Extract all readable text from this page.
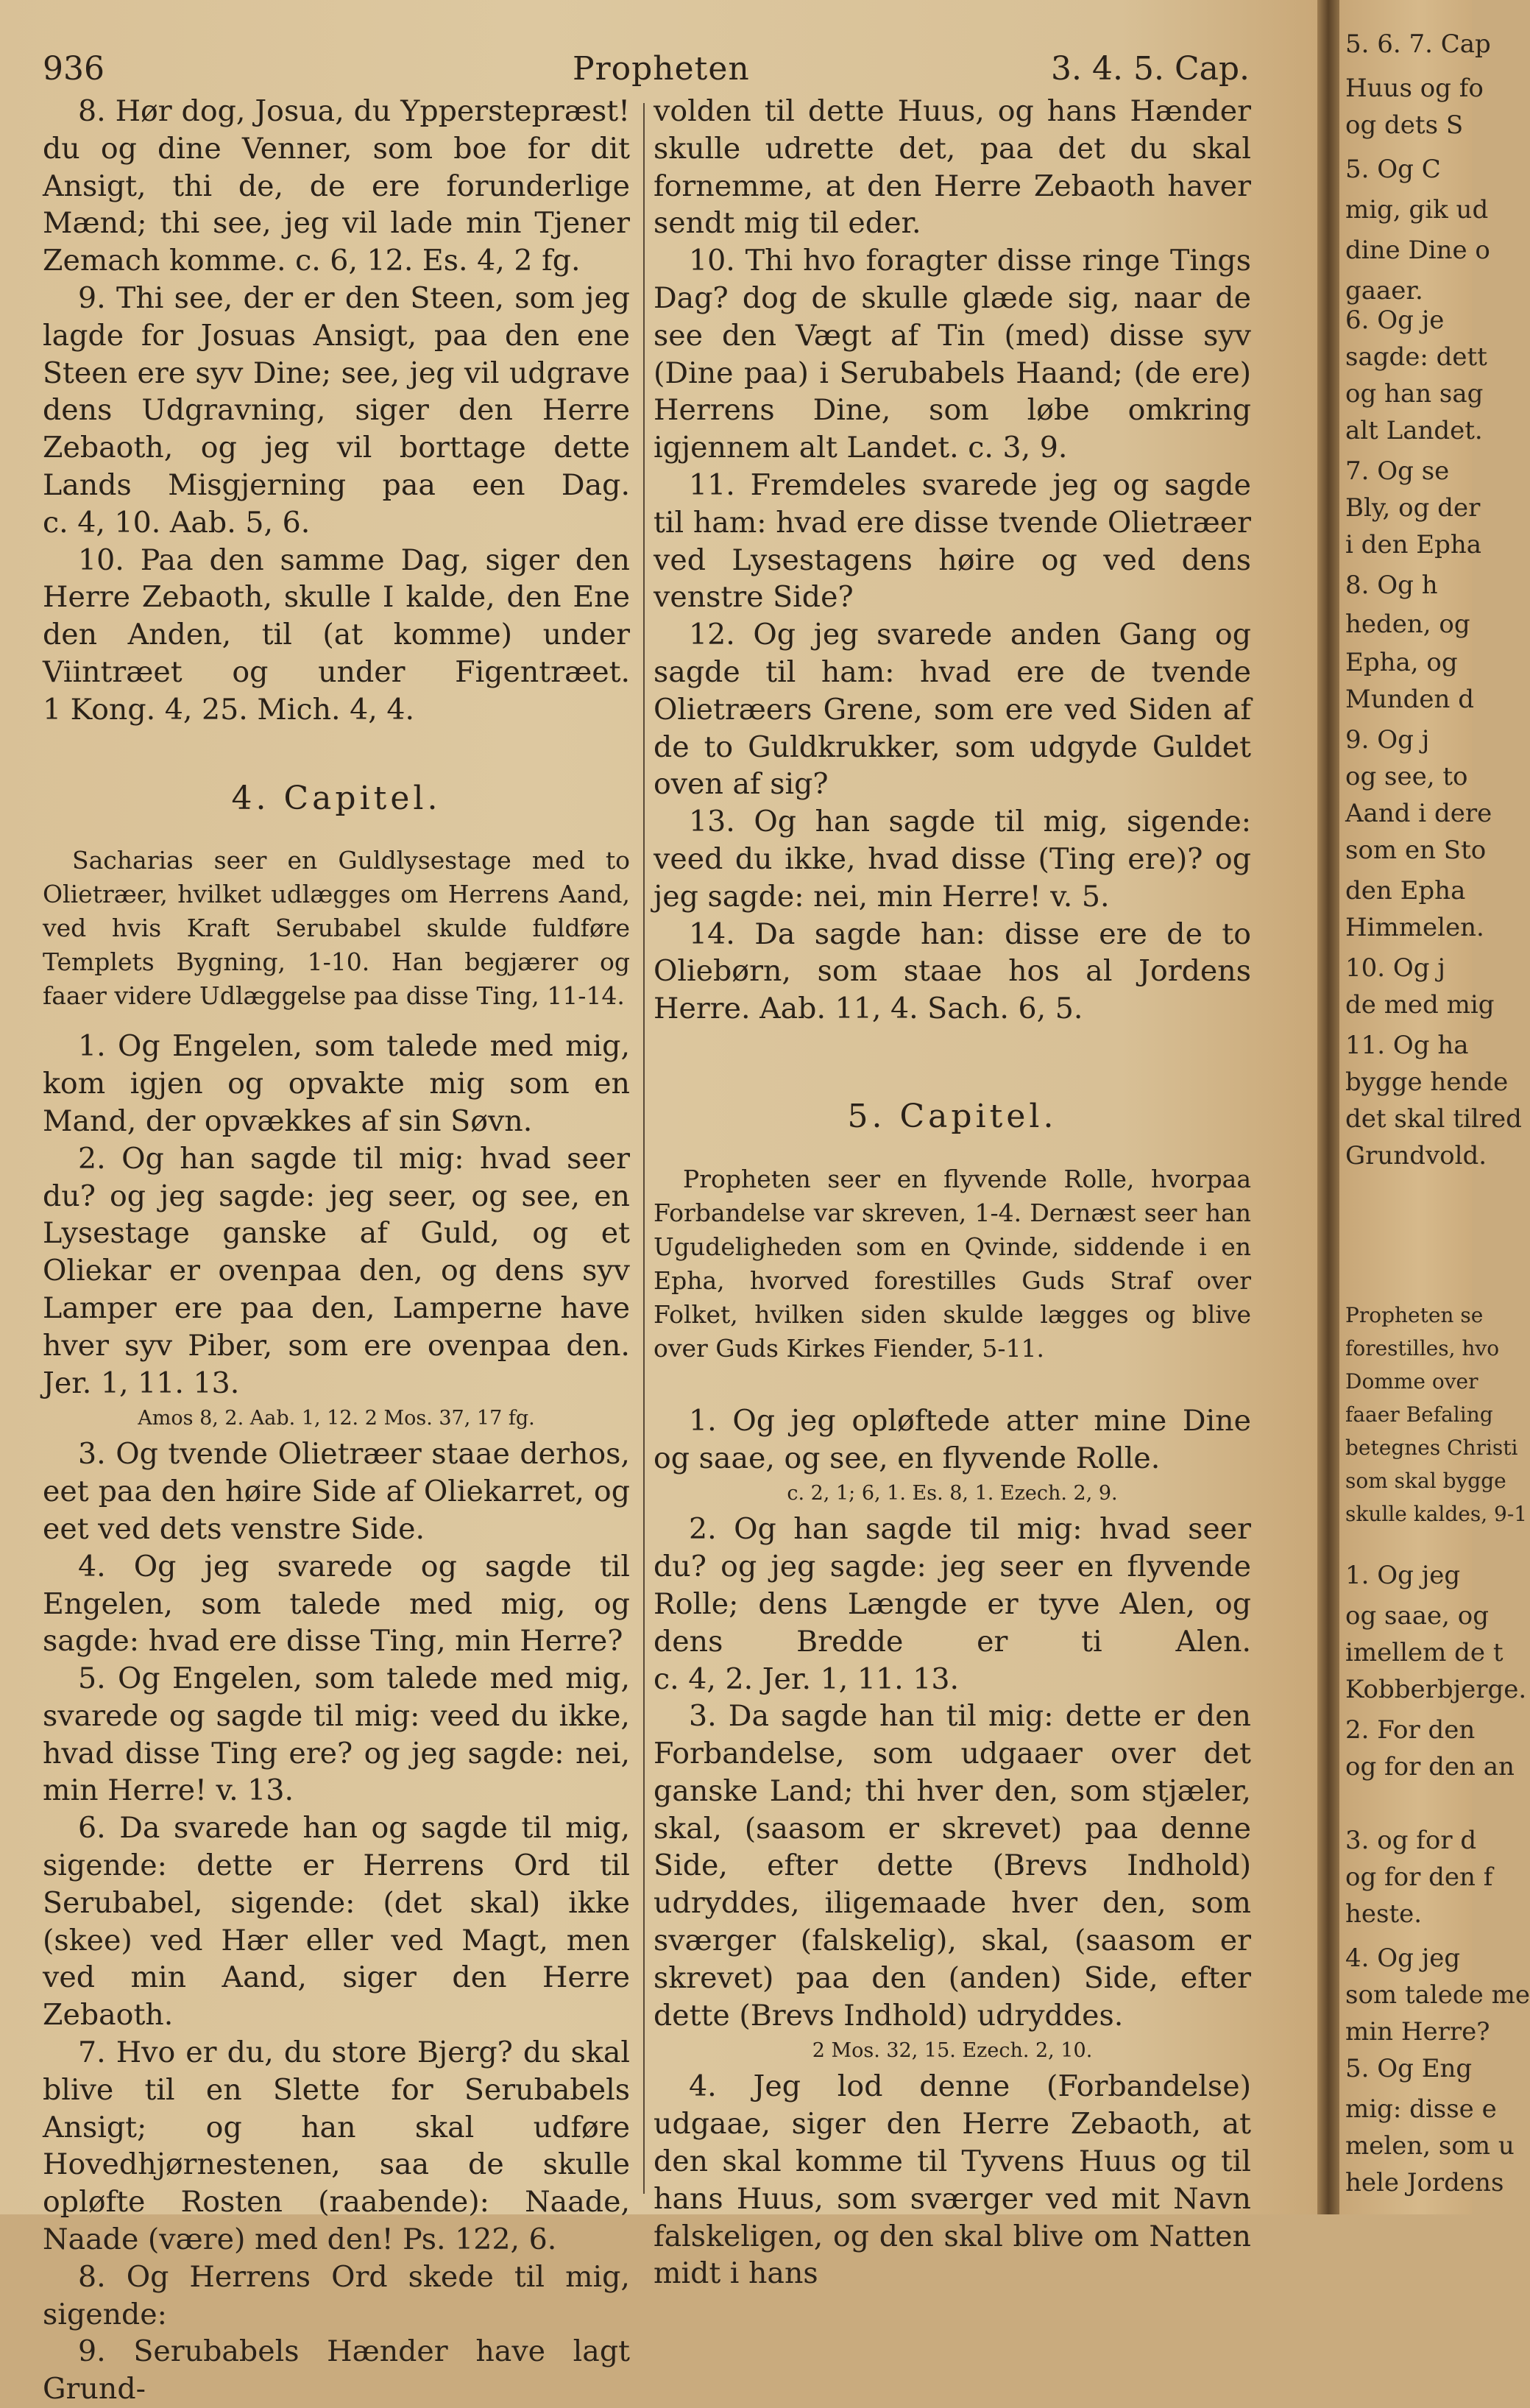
936	Propheten	3. 4. 5. Cap.

8. Hør dog, Josua, du Ypperstepræst! du og dine Venner, som boe for dit Ansigt, thi de, de ere forunderlige Mænd; thi see, jeg vil lade min Tjener Zemach komme. c. 6, 12. Es. 4, 2 fg.

9. Thi see, der er den Steen, som jeg lagde for Josuas Ansigt, paa den ene Steen ere syv Dine; see, jeg vil udgrave dens Udgravning, siger den Herre Zebaoth, og jeg vil borttage dette Lands Misgjerning paa een Dag. c. 4, 10. Aab. 5, 6.

10. Paa den samme Dag, siger den Herre Zebaoth, skulle I kalde, den Ene den Anden, til (at komme) under Viintræet og under Figentræet. 1 Kong. 4, 25. Mich. 4, 4.

4. Capitel.

Sacharias seer en Guldlysestage med to Olietræer, hvilket udlægges om Herrens Aand, ved hvis Kraft Serubabel skulde fuldføre Templets Bygning, 1-10. Han begjærer og faaer videre Udlæggelse paa disse Ting, 11-14.

1. Og Engelen, som talede med mig, kom igjen og opvakte mig som en Mand, der opvækkes af sin Søvn.

2. Og han sagde til mig: hvad seer du? og jeg sagde: jeg seer, og see, en Lysestage ganske af Guld, og et Oliekar er ovenpaa den, og dens syv Lamper ere paa den, Lamperne have hver syv Piber, som ere ovenpaa den. Jer. 1, 11. 13.

Amos 8, 2. Aab. 1, 12. 2 Mos. 37, 17 fg.

3. Og tvende Olietræer staae derhos, eet paa den høire Side af Oliekarret, og eet ved dets venstre Side.

4. Og jeg svarede og sagde til Engelen, som talede med mig, og sagde: hvad ere disse Ting, min Herre?

5. Og Engelen, som talede med mig, svarede og sagde til mig: veed du ikke, hvad disse Ting ere? og jeg sagde: nei, min Herre! v. 13.

6. Da svarede han og sagde til mig, sigende: dette er Herrens Ord til Serubabel, sigende: (det skal) ikke (skee) ved Hær eller ved Magt, men ved min Aand, siger den Herre Zebaoth.

7. Hvo er du, du store Bjerg? du skal blive til en Slette for Serubabels Ansigt; og han skal udføre Hovedhjørnestenen, saa de skulle opløfte Rosten (raabende): Naade, Naade (være) med den! Ps. 122, 6.

8. Og Herrens Ord skede til mig, sigende:

9. Serubabels Hænder have lagt Grund-

volden til dette Huus, og hans Hænder skulle udrette det, paa det du skal fornemme, at den Herre Zebaoth haver sendt mig til eder.

10. Thi hvo foragter disse ringe Tings Dag? dog de skulle glæde sig, naar de see den Vægt af Tin (med) disse syv (Dine paa) i Serubabels Haand; (de ere) Herrens Dine, som løbe omkring igjennem alt Landet. c. 3, 9.

11. Fremdeles svarede jeg og sagde til ham: hvad ere disse tvende Olietræer ved Lysestagens høire og ved dens venstre Side?

12. Og jeg svarede anden Gang og sagde til ham: hvad ere de tvende Olietræers Grene, som ere ved Siden af de to Guldkrukker, som udgyde Guldet oven af sig?

13. Og han sagde til mig, sigende: veed du ikke, hvad disse (Ting ere)? og jeg sagde: nei, min Herre! v. 5.

14. Da sagde han: disse ere de to Oliebørn, som staae hos al Jordens Herre. Aab. 11, 4. Sach. 6, 5.

5. Capitel.

Propheten seer en flyvende Rolle, hvorpaa Forbandelse var skreven, 1-4. Dernæst seer han Ugudeligheden som en Qvinde, siddende i en Epha, hvorved forestilles Guds Straf over Folket, hvilken siden skulde lægges og blive over Guds Kirkes Fiender, 5-11.

1. Og jeg opløftede atter mine Dine og saae, og see, en flyvende Rolle.

c. 2, 1; 6, 1. Es. 8, 1. Ezech. 2, 9.

2. Og han sagde til mig: hvad seer du? og jeg sagde: jeg seer en flyvende Rolle; dens Længde er tyve Alen, og dens Bredde er ti Alen. c. 4, 2. Jer. 1, 11. 13.

3. Da sagde han til mig: dette er den Forbandelse, som udgaaer over det ganske Land; thi hver den, som stjæler, skal, (saasom er skrevet) paa denne Side, efter dette (Brevs Indhold) udryddes, iligemaade hver den, som sværger (falskelig), skal, (saasom er skrevet) paa den (anden) Side, efter dette (Brevs Indhold) udryddes.

2 Mos. 32, 15. Ezech. 2, 10.

4. Jeg lod denne (Forbandelse) udgaae, siger den Herre Zebaoth, at den skal komme til Tyvens Huus og til hans Huus, som sværger ved mit Navn falskeligen, og den skal blive om Natten midt i hans

5. 6. 7. Cap
Huus og fo
og dets S
5. Og C
mig, gik ud
dine Dine o
gaaer.
6. Og je
sagde: dett
og han sag
alt Landet.
7. Og se
Bly, og der
i den Epha
8. Og h
heden, og
Epha, og
Munden d
9. Og j
og see, to
Aand i dere
som en Sto
den Epha
Himmelen.
10. Og j
de med mig
11. Og ha
bygge hende
det skal tilred
Grundvold.
Propheten se
forestilles, hvo
Domme over
faaer Befaling
betegnes Christi
som skal bygge
skulle kaldes, 9-1
1. Og jeg
og saae, og
imellem de t
Kobberbjerge.
2. For den
og for den an
3. og for d
og for den f
heste.
4. Og jeg
som talede me
min Herre?
5. Og Eng
mig: disse e
melen, som u
hele Jordens
